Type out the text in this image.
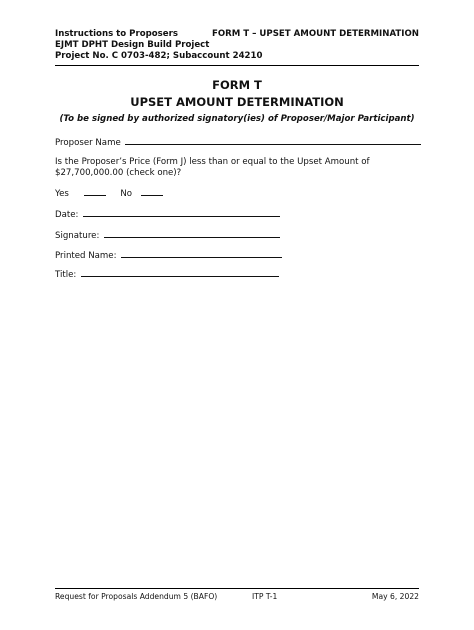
Instructions to Proposers
EJMT DPHT Design Build Project
Project No. C 0703-482; Subaccount 24210
FORM T – UPSET AMOUNT DETERMINATION
FORM T
UPSET AMOUNT DETERMINATION
(To be signed by authorized signatory(ies) of Proposer/Major Participant)
Proposer Name
Is the Proposer’s Price (Form J) less than or equal to the Upset Amount of $27,700,000.00 (check one)?
Yes	No
Date:
Signature:
Printed Name:
Title:
Request for Proposals Addendum 5 (BAFO)	ITP T-1	May 6, 2022
